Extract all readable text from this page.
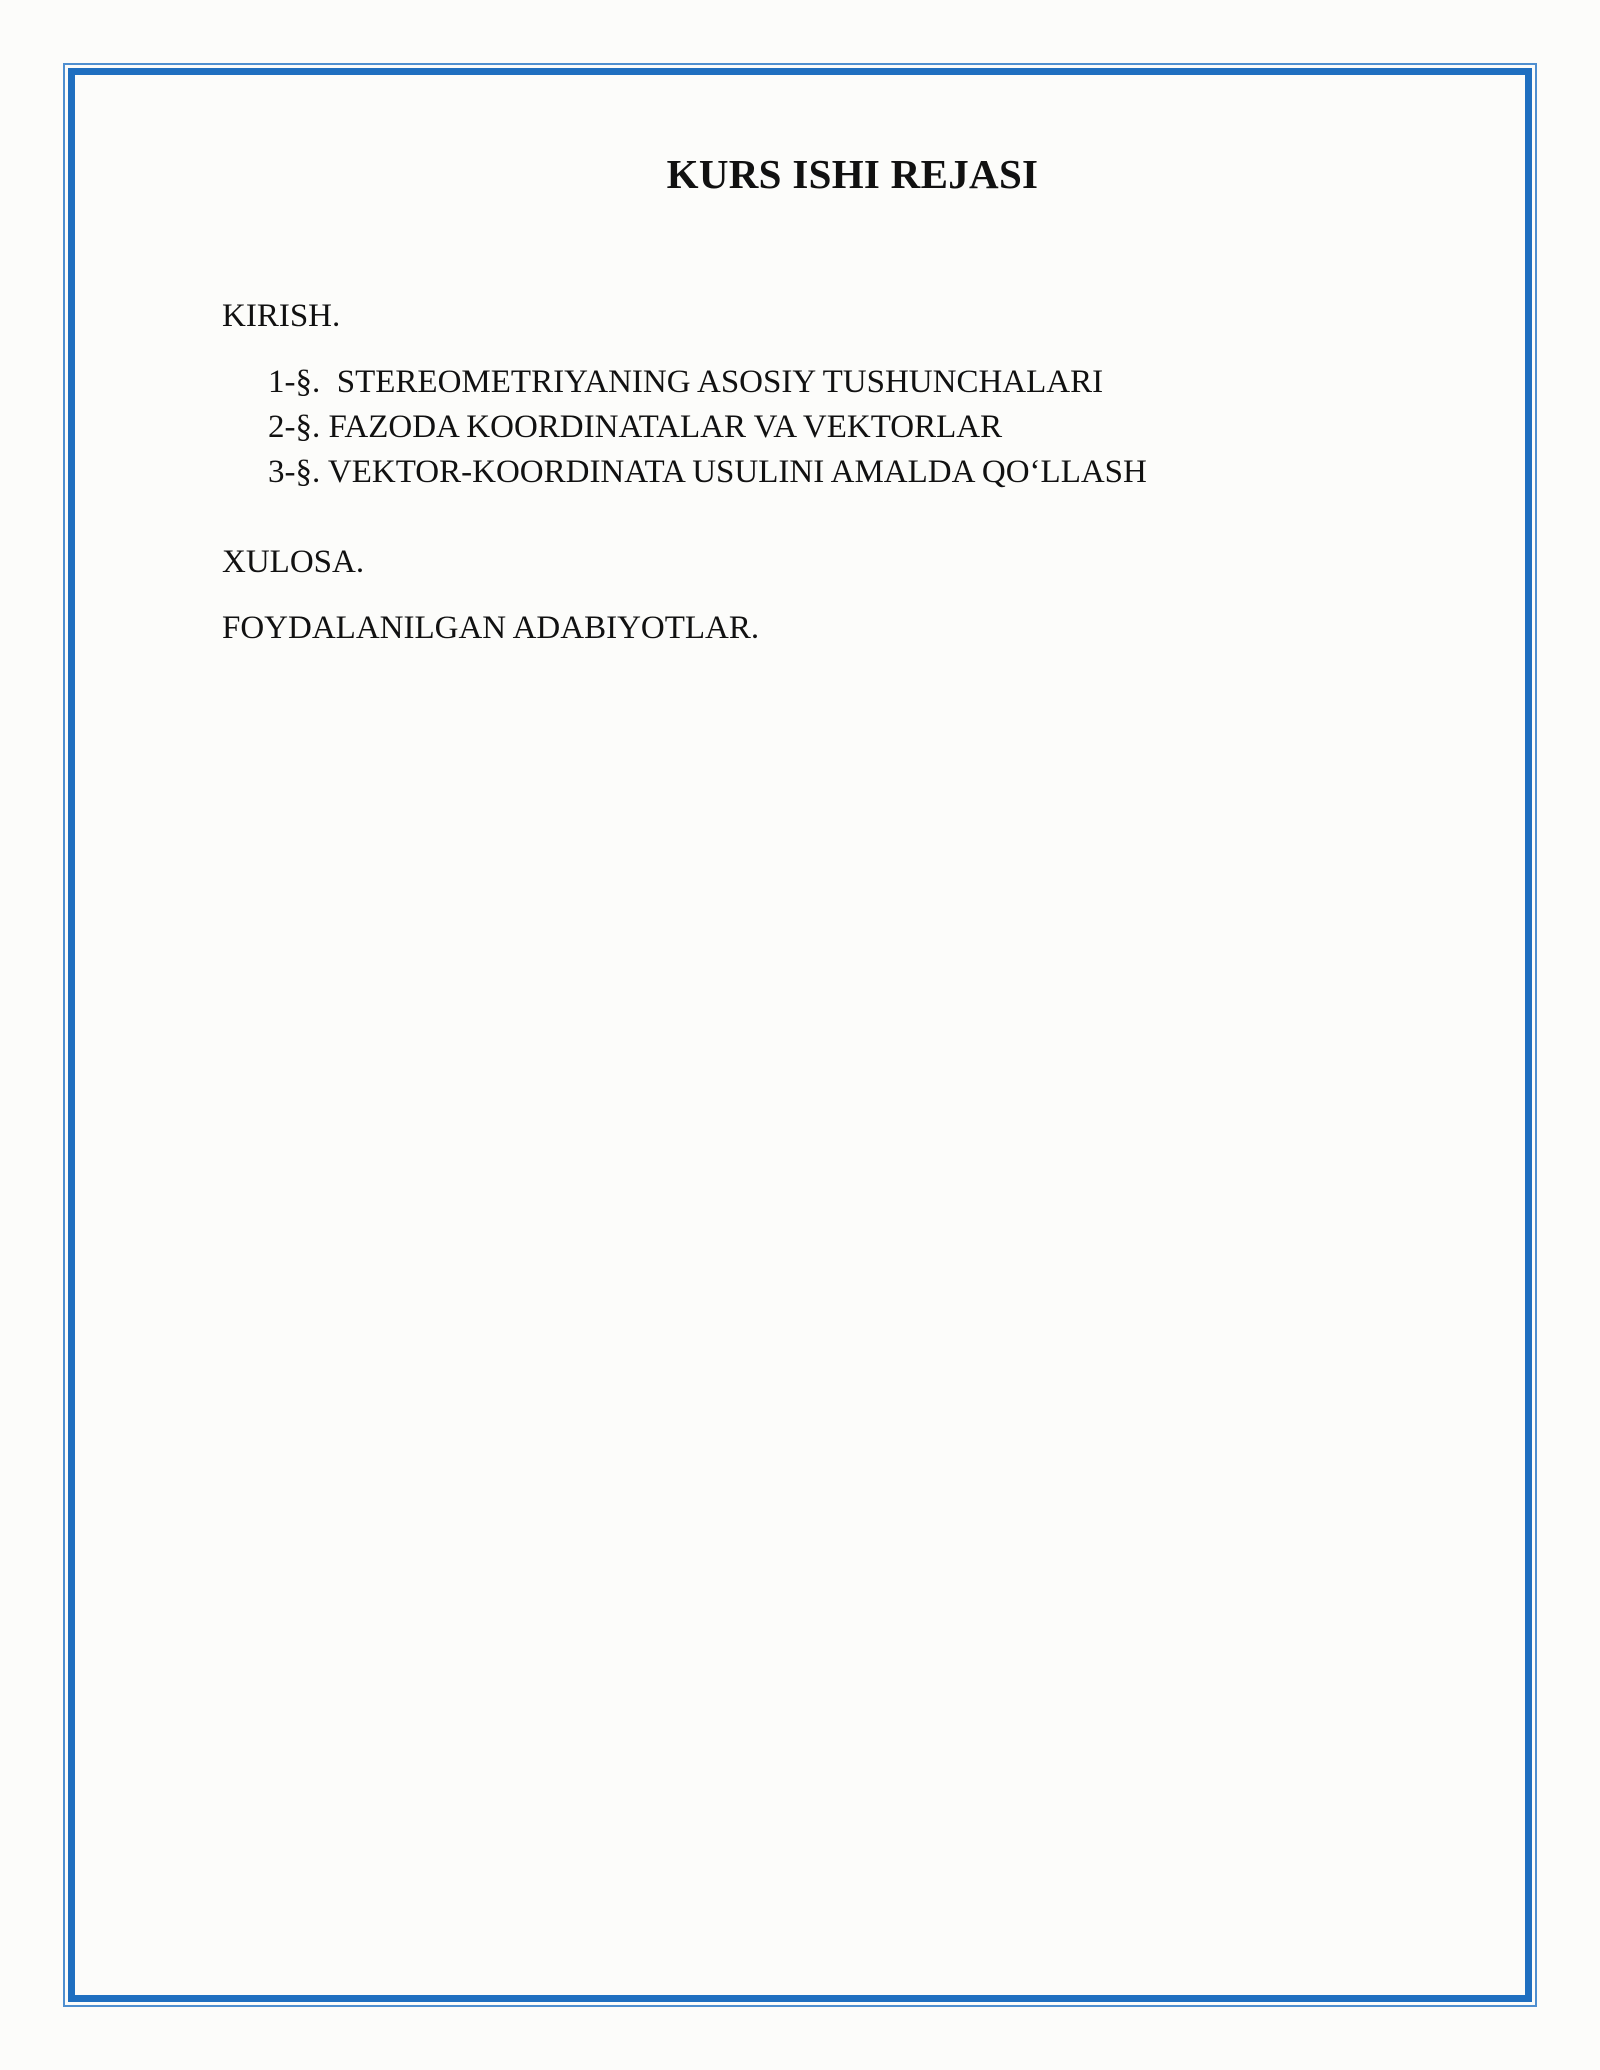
KURS ISHI REJASI

KIRISH.

1-§.  STEREOMETRIYANING ASOSIY TUSHUNCHALARI
2-§. FAZODA KOORDINATALAR VA VEKTORLAR
3-§. VEKTOR-KOORDINATA USULINI AMALDA QO‘LLASH

XULOSA.

FOYDALANILGAN ADABIYOTLAR.
